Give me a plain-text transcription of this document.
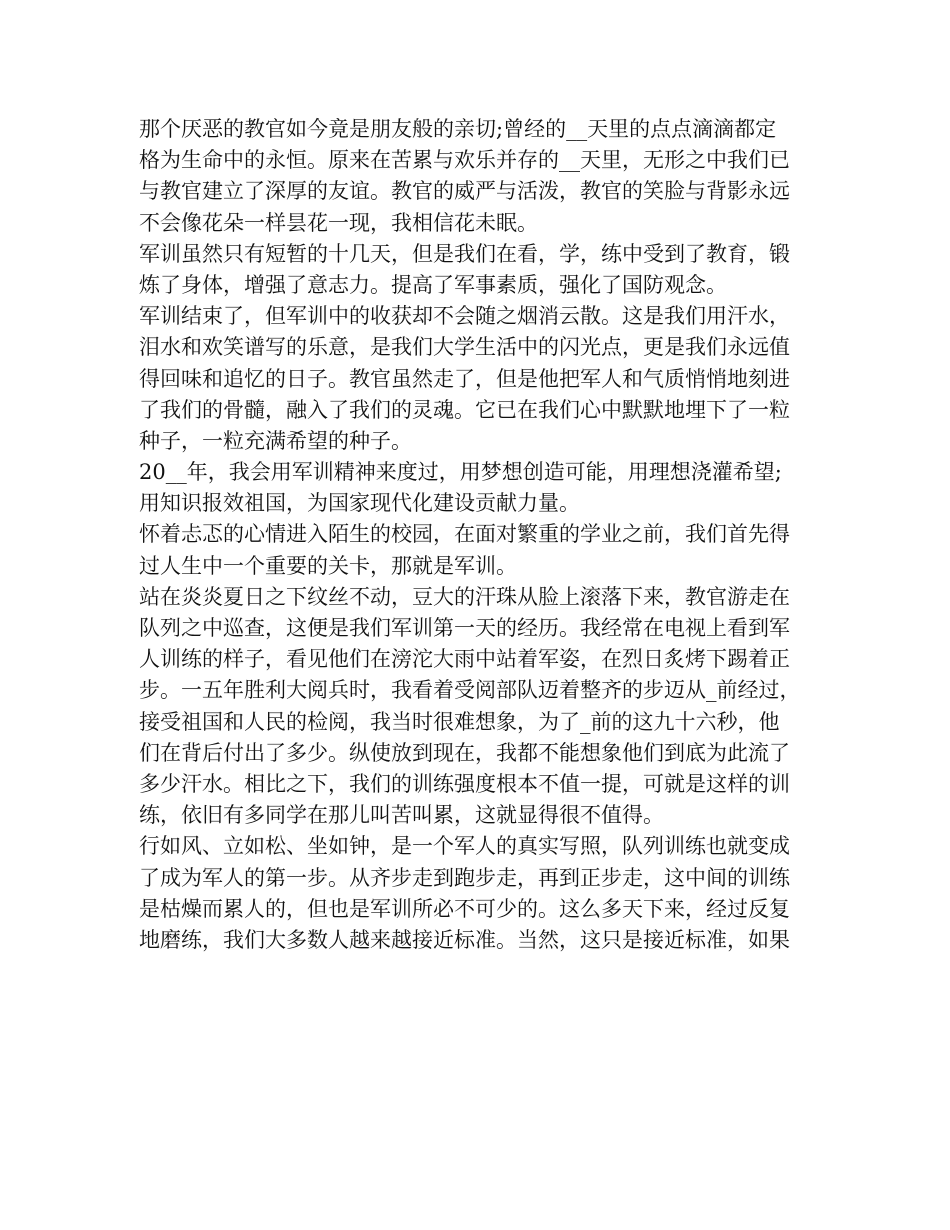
那个厌恶的教官如今竟是朋友般的亲切;曾经的__天里的点点滴滴都定
格为生命中的永恒。原来在苦累与欢乐并存的__天里，无形之中我们已
与教官建立了深厚的友谊。教官的威严与活泼，教官的笑脸与背影永远
不会像花朵一样昙花一现，我相信花未眠。
军训虽然只有短暂的十几天，但是我们在看，学，练中受到了教育，锻
炼了身体，增强了意志力。提高了军事素质，强化了国防观念。
军训结束了，但军训中的收获却不会随之烟消云散。这是我们用汗水，
泪水和欢笑谱写的乐意，是我们大学生活中的闪光点，更是我们永远值
得回味和追忆的日子。教官虽然走了，但是他把军人和气质悄悄地刻进
了我们的骨髓，融入了我们的灵魂。它已在我们心中默默地埋下了一粒
种子，一粒充满希望的种子。
20__年，我会用军训精神来度过，用梦想创造可能，用理想浇灌希望;
用知识报效祖国，为国家现代化建设贡献力量。
怀着忐忑的心情进入陌生的校园，在面对繁重的学业之前，我们首先得
过人生中一个重要的关卡，那就是军训。
站在炎炎夏日之下纹丝不动，豆大的汗珠从脸上滚落下来，教官游走在
队列之中巡查，这便是我们军训第一天的经历。我经常在电视上看到军
人训练的样子，看见他们在滂沱大雨中站着军姿，在烈日炙烤下踢着正
步。一五年胜利大阅兵时，我看着受阅部队迈着整齐的步迈从_前经过，
接受祖国和人民的检阅，我当时很难想象，为了_前的这九十六秒，他
们在背后付出了多少。纵使放到现在，我都不能想象他们到底为此流了
多少汗水。相比之下，我们的训练强度根本不值一提，可就是这样的训
练，依旧有多同学在那儿叫苦叫累，这就显得很不值得。
行如风、立如松、坐如钟，是一个军人的真实写照，队列训练也就变成
了成为军人的第一步。从齐步走到跑步走，再到正步走，这中间的训练
是枯燥而累人的，但也是军训所必不可少的。这么多天下来，经过反复
地磨练，我们大多数人越来越接近标准。当然，这只是接近标准，如果
